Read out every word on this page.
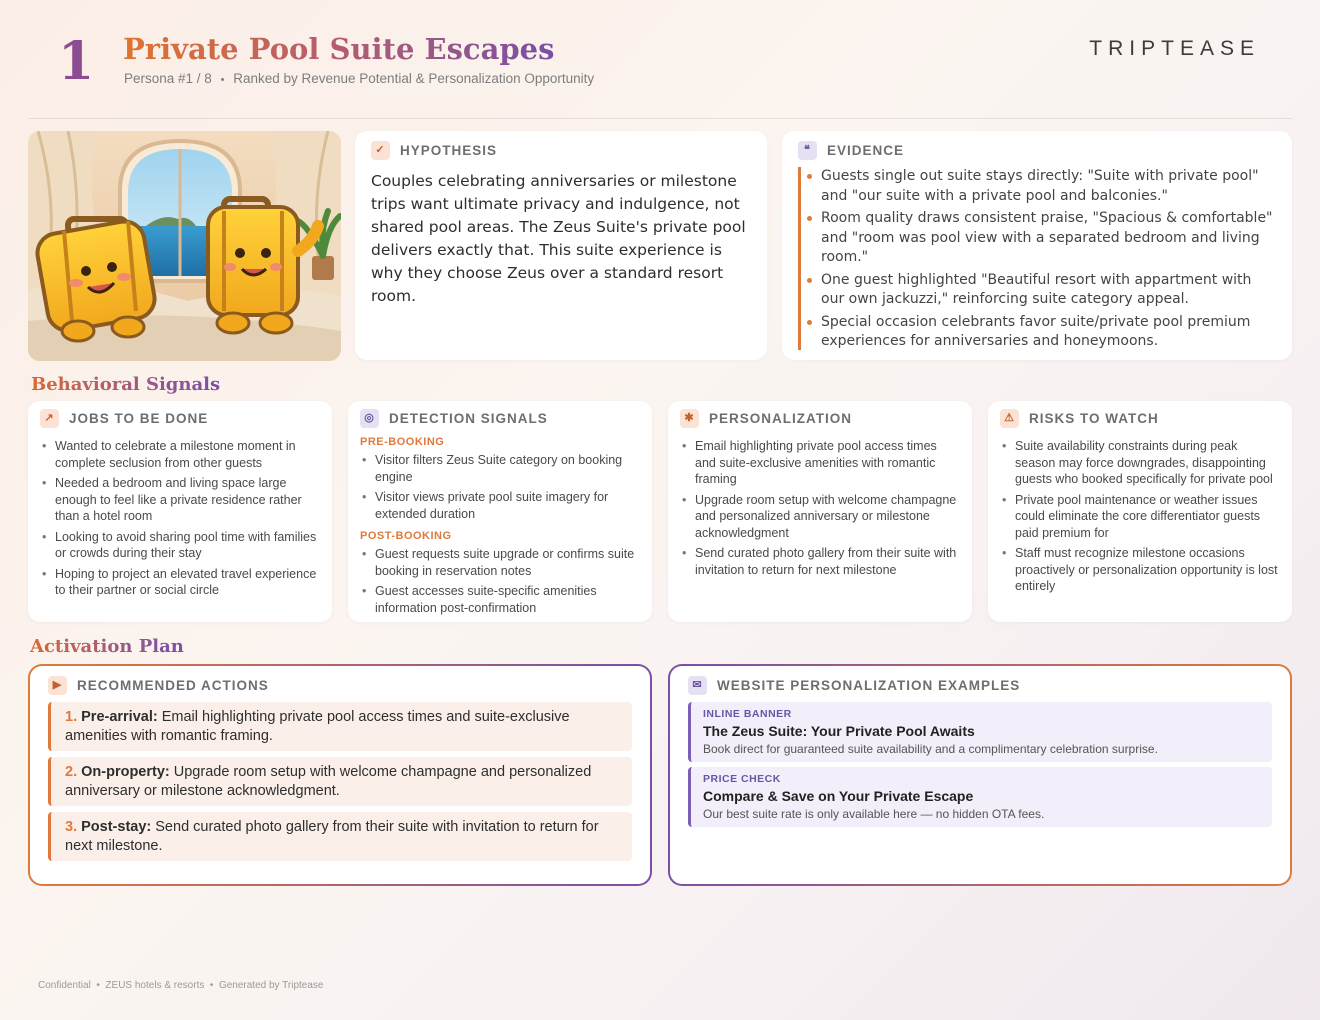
1 Private Pool Suite Escapes
Persona #1 / 8 • Ranked by Revenue Potential & Personalization Opportunity
TRIPTEASE
✓	HYPOTHESIS
Couples celebrating anniversaries or milestone trips want ultimate privacy and indulgence, not shared pool areas. The Zeus Suite's private pool delivers exactly that. This suite experience is why they choose Zeus over a standard resort room.
❝	EVIDENCE
Guests single out suite stays directly: "Suite with private pool" and "our suite with a private pool and balconies."
Room quality draws consistent praise, "Spacious & comfortable" and "room was pool view with a separated bedroom and living room."
One guest highlighted "Beautiful resort with appartment with our own jackuzzi," reinforcing suite category appeal.
Special occasion celebrants favor suite/private pool premium experiences for anniversaries and honeymoons.
Behavioral Signals
↗	JOBS TO BE DONE
• Wanted to celebrate a milestone moment in complete seclusion from other guests
• Needed a bedroom and living space large enough to feel like a private residence rather than a hotel room
• Looking to avoid sharing pool time with families or crowds during their stay
• Hoping to project an elevated travel experience to their partner or social circle
◎	DETECTION SIGNALS
PRE-BOOKING
• Visitor filters Zeus Suite category on booking engine
• Visitor views private pool suite imagery for extended duration
POST-BOOKING
• Guest requests suite upgrade or confirms suite booking in reservation notes
• Guest accesses suite-specific amenities information post-confirmation
✱	PERSONALIZATION
• Email highlighting private pool access times and suite-exclusive amenities with romantic framing
• Upgrade room setup with welcome champagne and personalized anniversary or milestone acknowledgment
• Send curated photo gallery from their suite with invitation to return for next milestone
⚠	RISKS TO WATCH
• Suite availability constraints during peak season may force downgrades, disappointing guests who booked specifically for private pool
• Private pool maintenance or weather issues could eliminate the core differentiator guests paid premium for
• Staff must recognize milestone occasions proactively or personalization opportunity is lost entirely
Activation Plan
▶	RECOMMENDED ACTIONS
1. Pre-arrival: Email highlighting private pool access times and suite-exclusive amenities with romantic framing.
2. On-property: Upgrade room setup with welcome champagne and personalized anniversary or milestone acknowledgment.
3. Post-stay: Send curated photo gallery from their suite with invitation to return for next milestone.
✉	WEBSITE PERSONALIZATION EXAMPLES
INLINE BANNER
The Zeus Suite: Your Private Pool Awaits
Book direct for guaranteed suite availability and a complimentary celebration surprise.
PRICE CHECK
Compare & Save on Your Private Escape
Our best suite rate is only available here — no hidden OTA fees.
Confidential  •  ZEUS hotels & resorts  •  Generated by Triptease
